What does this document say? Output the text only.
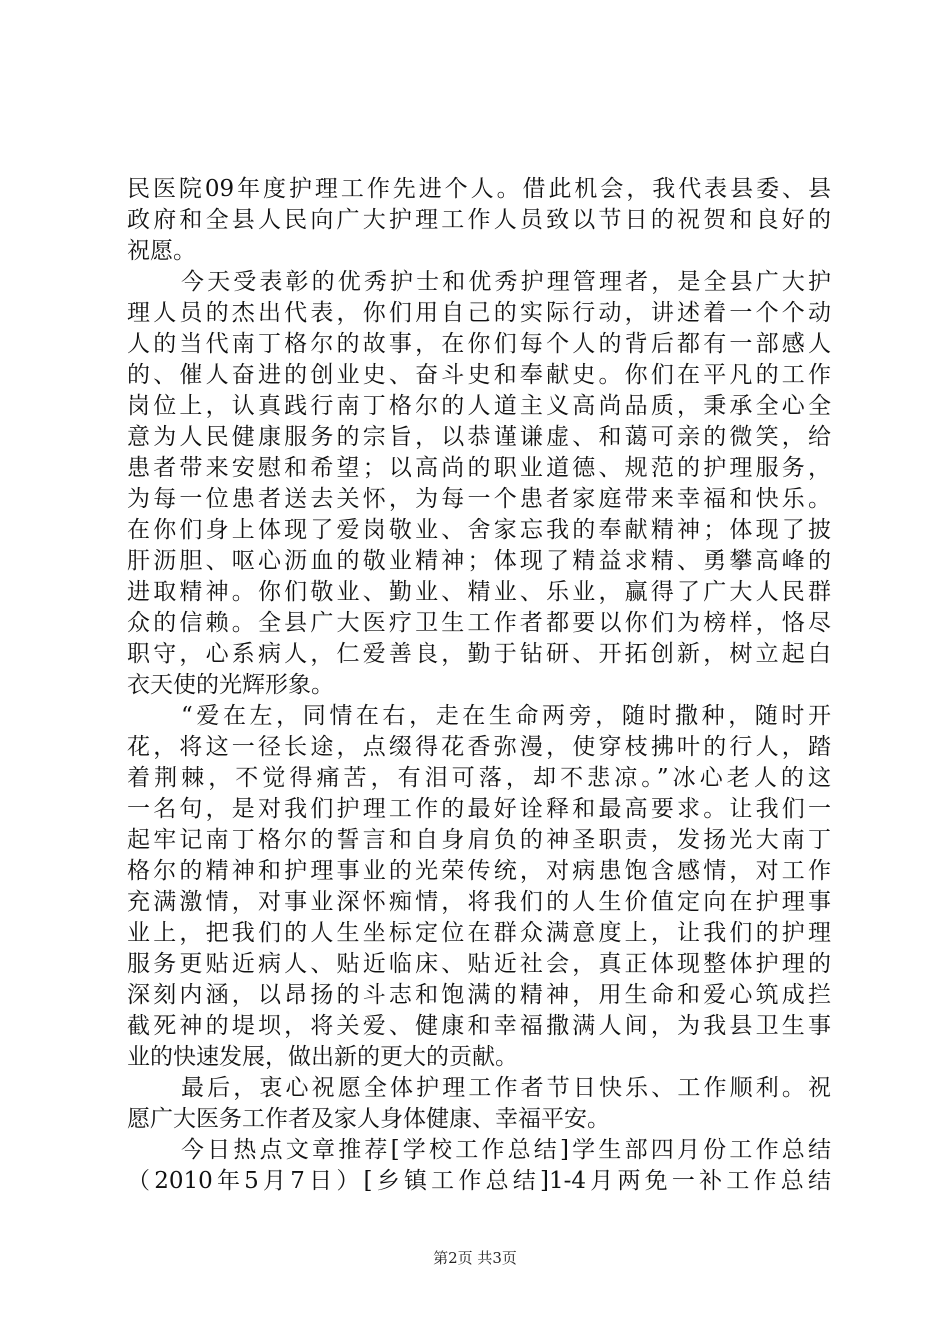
民医院09年度护理工作先进个人。借此机会，我代表县委、县
政府和全县人民向广大护理工作人员致以节日的祝贺和良好的
祝愿。
今天受表彰的优秀护士和优秀护理管理者，是全县广大护
理人员的杰出代表，你们用自己的实际行动，讲述着一个个动
人的当代南丁格尔的故事，在你们每个人的背后都有一部感人
的、催人奋进的创业史、奋斗史和奉献史。你们在平凡的工作
岗位上，认真践行南丁格尔的人道主义高尚品质，秉承全心全
意为人民健康服务的宗旨，以恭谨谦虚、和蔼可亲的微笑，给
患者带来安慰和希望；以高尚的职业道德、规范的护理服务，
为每一位患者送去关怀，为每一个患者家庭带来幸福和快乐。
在你们身上体现了爱岗敬业、舍家忘我的奉献精神；体现了披
肝沥胆、呕心沥血的敬业精神；体现了精益求精、勇攀高峰的
进取精神。你们敬业、勤业、精业、乐业，赢得了广大人民群
众的信赖。全县广大医疗卫生工作者都要以你们为榜样，恪尽
职守，心系病人，仁爱善良，勤于钻研、开拓创新，树立起白
衣天使的光辉形象。
“爱在左，同情在右，走在生命两旁，随时撒种，随时开
花，将这一径长途，点缀得花香弥漫，使穿枝拂叶的行人，踏
着荆棘，不觉得痛苦，有泪可落，却不悲凉。”冰心老人的这
一名句，是对我们护理工作的最好诠释和最高要求。让我们一
起牢记南丁格尔的誓言和自身肩负的神圣职责，发扬光大南丁
格尔的精神和护理事业的光荣传统，对病患饱含感情，对工作
充满激情，对事业深怀痴情，将我们的人生价值定向在护理事
业上，把我们的人生坐标定位在群众满意度上，让我们的护理
服务更贴近病人、贴近临床、贴近社会，真正体现整体护理的
深刻内涵，以昂扬的斗志和饱满的精神，用生命和爱心筑成拦
截死神的堤坝，将关爱、健康和幸福撒满人间，为我县卫生事
业的快速发展，做出新的更大的贡献。
最后，衷心祝愿全体护理工作者节日快乐、工作顺利。祝
愿广大医务工作者及家人身体健康、幸福平安。
今日热点文章推荐[学校工作总结]学生部四月份工作总结
（2010年5月7日）[乡镇工作总结]1-4月两免一补工作总结
第2页 共3页
